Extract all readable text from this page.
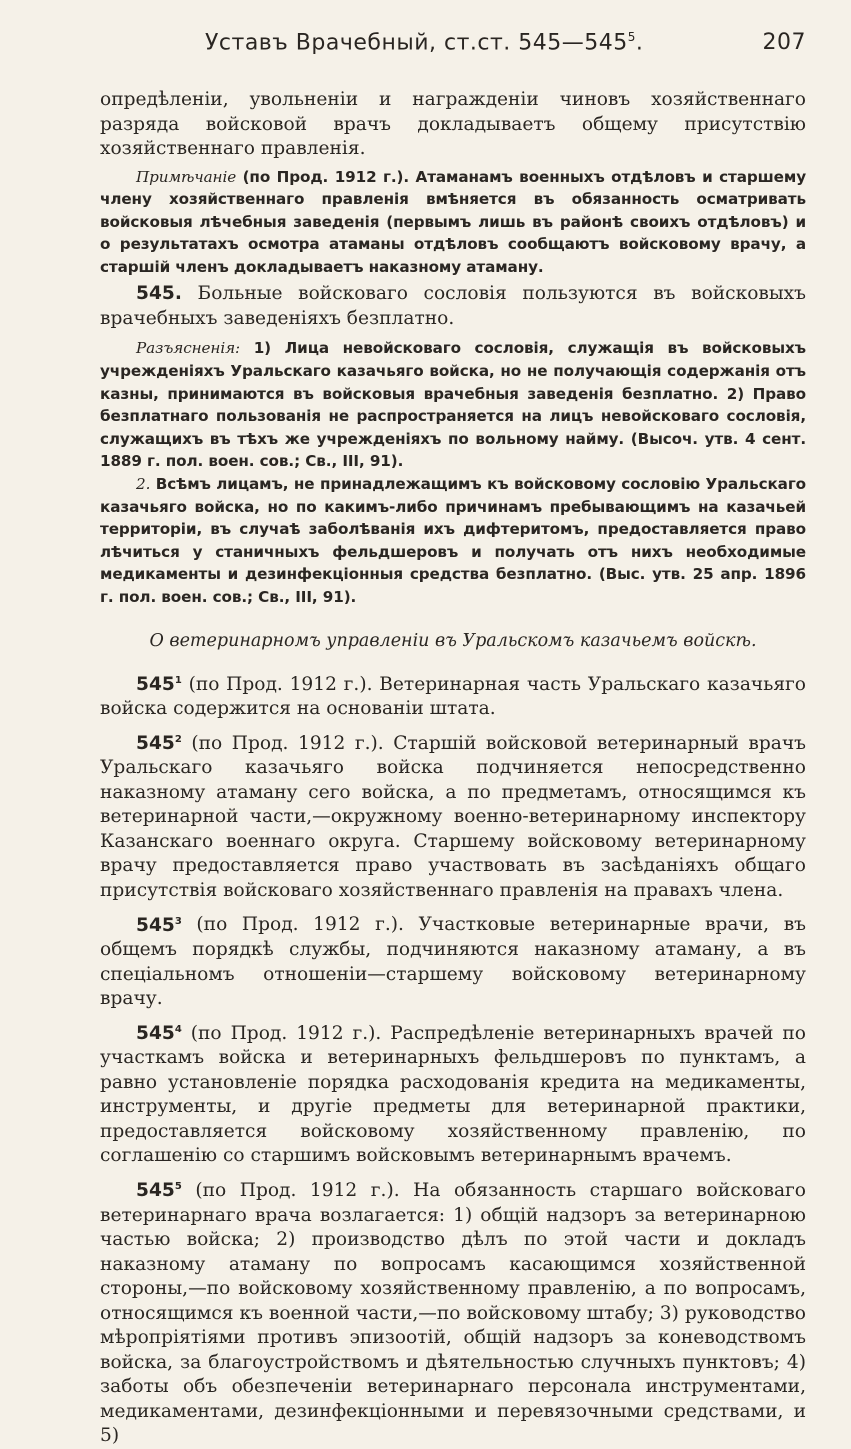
Уставъ Врачебный, ст.ст. $545—545^5$.	207

опредѣленіи, увольненіи и награжденіи чиновъ хозяйственнаго разряда войсковой врачъ докладываетъ общему присутствію хозяйственнаго правленія.

Примѣчаніе (по Прод. 1912 г.). Атаманамъ военныхъ отдѣловъ и старшему члену хозяйственнаго правленія вмѣняется въ обязанность осматривать войсковыя лѣчебныя заведенія (первымъ лишь въ районѣ своихъ отдѣловъ) и о результатахъ осмотра атаманы отдѣловъ сообщаютъ войсковому врачу, а старшій членъ докладываетъ наказному атаману.

545. Больные войсковаго сословія пользуются въ войсковыхъ врачебныхъ заведеніяхъ безплатно.

Разъясненія: 1) Лица невойсковаго сословія, служащія въ войсковыхъ учрежденіяхъ Уральскаго казачьяго войска, но не получающія содержанія отъ казны, принимаются въ войсковыя врачебныя заведенія безплатно. 2) Право безплатнаго пользованія не распространяется на лицъ невойсковаго сословія, служащихъ въ тѣхъ же учрежденіяхъ по вольному найму. (Высоч. утв. 4 сент. 1889 г. пол. воен. сов.; Св., III, 91).

2. Всѣмъ лицамъ, не принадлежащимъ къ войсковому сословію Уральскаго казачьяго войска, но по какимъ-либо причинамъ пребывающимъ на казачьей территоріи, въ случаѣ заболѣванія ихъ дифтеритомъ, предоставляется право лѣчиться у станичныхъ фельдшеровъ и получать отъ нихъ необходимые медикаменты и дезинфекціонныя средства безплатно. (Выс. утв. 25 апр. 1896 г. пол. воен. сов.; Св., III, 91).

О ветеринарномъ управленіи въ Уральскомъ казачьемъ войскѣ.

$545^1$ (по Прод. 1912 г.). Ветеринарная часть Уральскаго казачьяго войска содержится на основаніи штата.

$545^2$ (по Прод. 1912 г.). Старшій войсковой ветеринарный врачъ Уральскаго казачьяго войска подчиняется непосредственно наказному атаману сего войска, а по предметамъ, относящимся къ ветеринарной части,—окружному военно-ветеринарному инспектору Казанскаго военнаго округа. Старшему войсковому ветеринарному врачу предоставляется право участвовать въ засѣданіяхъ общаго присутствія войсковаго хозяйственнаго правленія на правахъ члена.

$545^3$ (по Прод. 1912 г.). Участковые ветеринарные врачи, въ общемъ порядкѣ службы, подчиняются наказному атаману, а въ спеціальномъ отношеніи—старшему войсковому ветеринарному врачу.

$545^4$ (по Прод. 1912 г.). Распредѣленіе ветеринарныхъ врачей по участкамъ войска и ветеринарныхъ фельдшеровъ по пунктамъ, а равно установленіе порядка расходованія кредита на медикаменты, инструменты, и другіе предметы для ветеринарной практики, предоставляется войсковому хозяйственному правленію, по соглашенію со старшимъ войсковымъ ветеринарнымъ врачемъ.

$545^5$ (по Прод. 1912 г.). На обязанность старшаго войсковаго ветеринарнаго врача возлагается: 1) общій надзоръ за ветеринарною частью войска; 2) производство дѣлъ по этой части и докладъ наказному атаману по вопросамъ касающимся хозяйственной стороны,—по войсковому хозяйственному правленію, а по вопросамъ, относящимся къ военной части,—по войсковому штабу; 3) руководство мѣропріятіями противъ эпизоотій, общій надзоръ за коневодствомъ войска, за благоустройствомъ и дѣятельностью случныхъ пунктовъ; 4) заботы объ обезпеченіи ветеринарнаго персонала инструментами, медикаментами, дезинфекціонными и перевязочными средствами, и 5)
